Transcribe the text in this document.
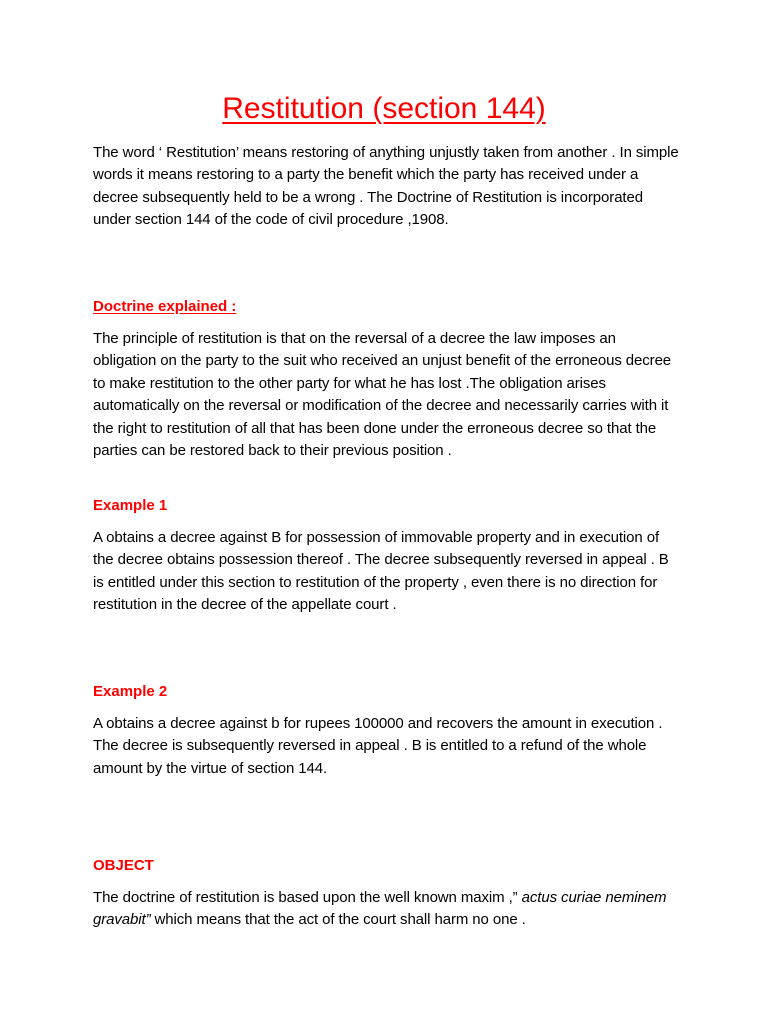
Restitution (section 144)

The word ‘ Restitution’ means restoring of anything unjustly taken from another . In simple words it means restoring to a party the benefit which the party has received under a decree subsequently held to be a wrong . The Doctrine of Restitution is incorporated under section 144 of the code of civil procedure ,1908.

Doctrine explained :

The principle of restitution is that on the reversal of a decree the law imposes an obligation on the party to the suit who received an unjust benefit of the erroneous decree to make restitution to the other party for what he has lost .The obligation arises automatically on the reversal or modification of the decree and necessarily carries with it the right to restitution of all that has been done under the erroneous decree so that the parties can be restored back to their previous position .

Example 1

A obtains a decree against B for possession of immovable property and in execution of the decree obtains possession thereof . The decree subsequently reversed in appeal . B is entitled under this section to restitution of the property , even there is no direction for restitution in the decree of the appellate court .

Example 2

A obtains a decree against b for rupees 100000 and recovers the amount in execution . The decree is subsequently reversed in appeal . B is entitled to a refund of the whole amount by the virtue of section 144.

OBJECT

The doctrine of restitution is based upon the well known maxim ,” actus curiae neminem gravabit” which means that the act of the court shall harm no one .
